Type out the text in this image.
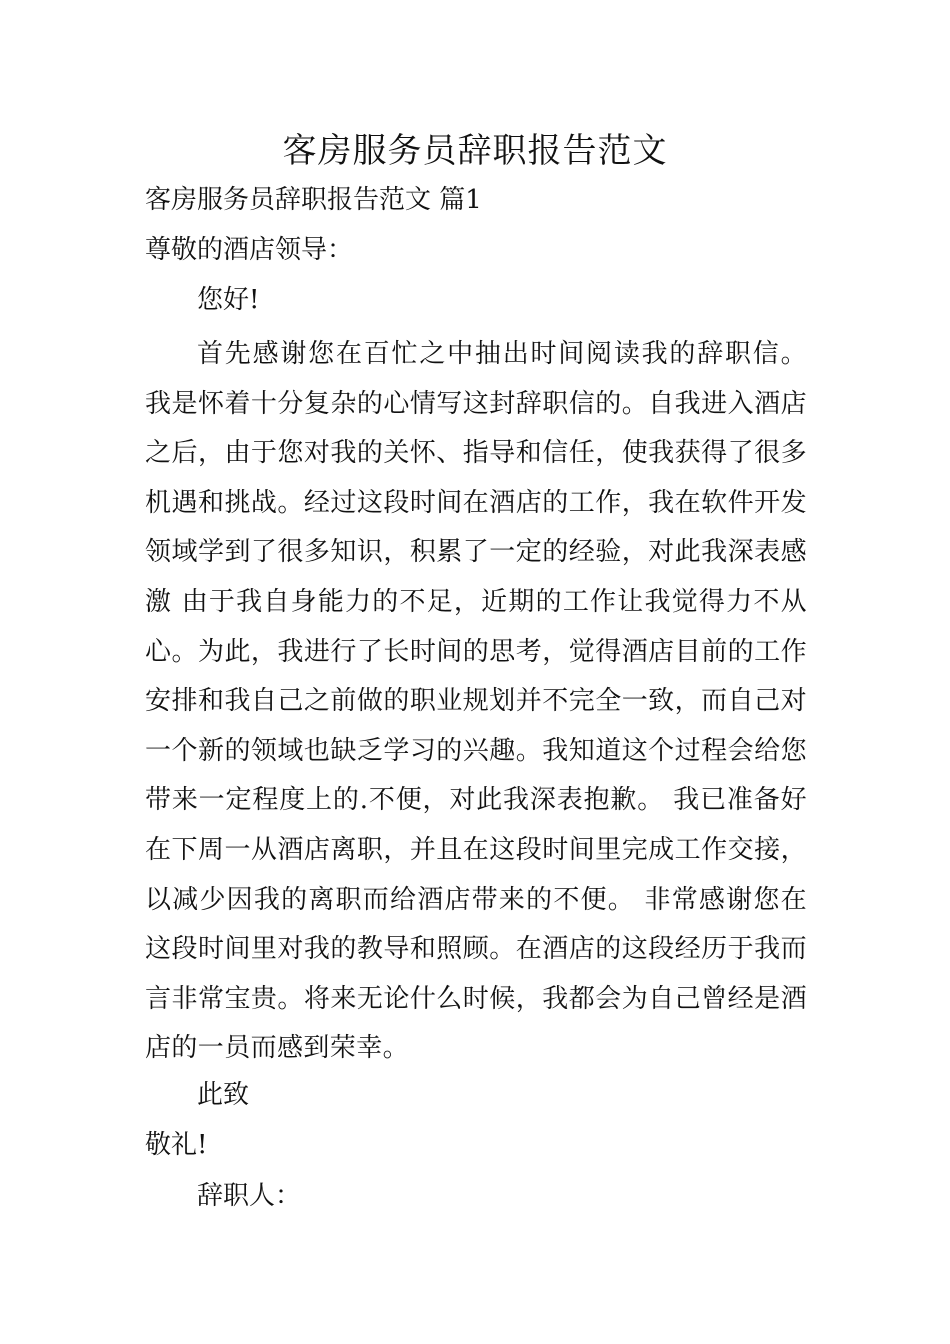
客房服务员辞职报告范文

客房服务员辞职报告范文 篇1

尊敬的酒店领导：

您好!

首先感谢您在百忙之中抽出时间阅读我的辞职信。 我是怀着十分复杂的心情写这封辞职信的。自我进入酒店之后，由于您对我的关怀、指导和信任，使我获得了很多机遇和挑战。经过这段时间在酒店的工作，我在软件开发领域学到了很多知识，积累了一定的经验，对此我深表感激 由于我自身能力的不足，近期的工作让我觉得力不从心。为此，我进行了长时间的思考，觉得酒店目前的工作安排和我自己之前做的职业规划并不完全一致，而自己对一个新的领域也缺乏学习的兴趣。我知道这个过程会给您带来一定程度上的.不便，对此我深表抱歉。 我已准备好在下周一从酒店离职，并且在这段时间里完成工作交接，以减少因我的离职而给酒店带来的不便。 非常感谢您在这段时间里对我的教导和照顾。在酒店的这段经历于我而言非常宝贵。将来无论什么时候，我都会为自己曾经是酒店的一员而感到荣幸。

此致

敬礼!

辞职人：
